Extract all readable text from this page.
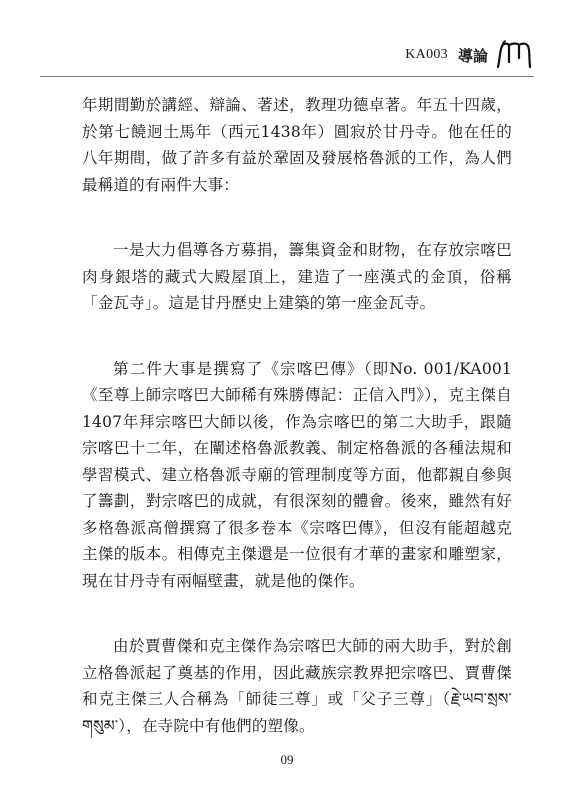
KA003 導論

年期間勤於講經、辯論、著述，教理功德卓著。年五十四歲，於第七饒迥土馬年（西元1438年）圓寂於甘丹寺。他在任的八年期間，做了許多有益於鞏固及發展格魯派的工作，為人們最稱道的有兩件大事：

一是大力倡導各方募捐，籌集資金和財物，在存放宗喀巴肉身銀塔的藏式大殿屋頂上，建造了一座漢式的金頂，俗稱「金瓦寺」。這是甘丹歷史上建築的第一座金瓦寺。

第二件大事是撰寫了《宗喀巴傳》（即No. 001/KA001《至尊上師宗喀巴大師稀有殊勝傳記：正信入門》），克主傑自1407年拜宗喀巴大師以後，作為宗喀巴的第二大助手，跟隨宗喀巴十二年，在闡述格魯派教義、制定格魯派的各種法規和學習模式、建立格魯派寺廟的管理制度等方面，他都親自參與了籌劃，對宗喀巴的成就，有很深刻的體會。後來，雖然有好多格魯派高僧撰寫了很多卷本《宗喀巴傳》，但沒有能超越克主傑的版本。相傳克主傑還是一位很有才華的畫家和雕塑家，現在甘丹寺有兩幅壁畫，就是他的傑作。

由於賈曹傑和克主傑作為宗喀巴大師的兩大助手，對於創立格魯派起了奠基的作用，因此藏族宗教界把宗喀巴、賈曹傑和克主傑三人合稱為「師徒三尊」或「父子三尊」（རྗེ་ཡབ་སྲས་གསུམ་），在寺院中有他們的塑像。

09
